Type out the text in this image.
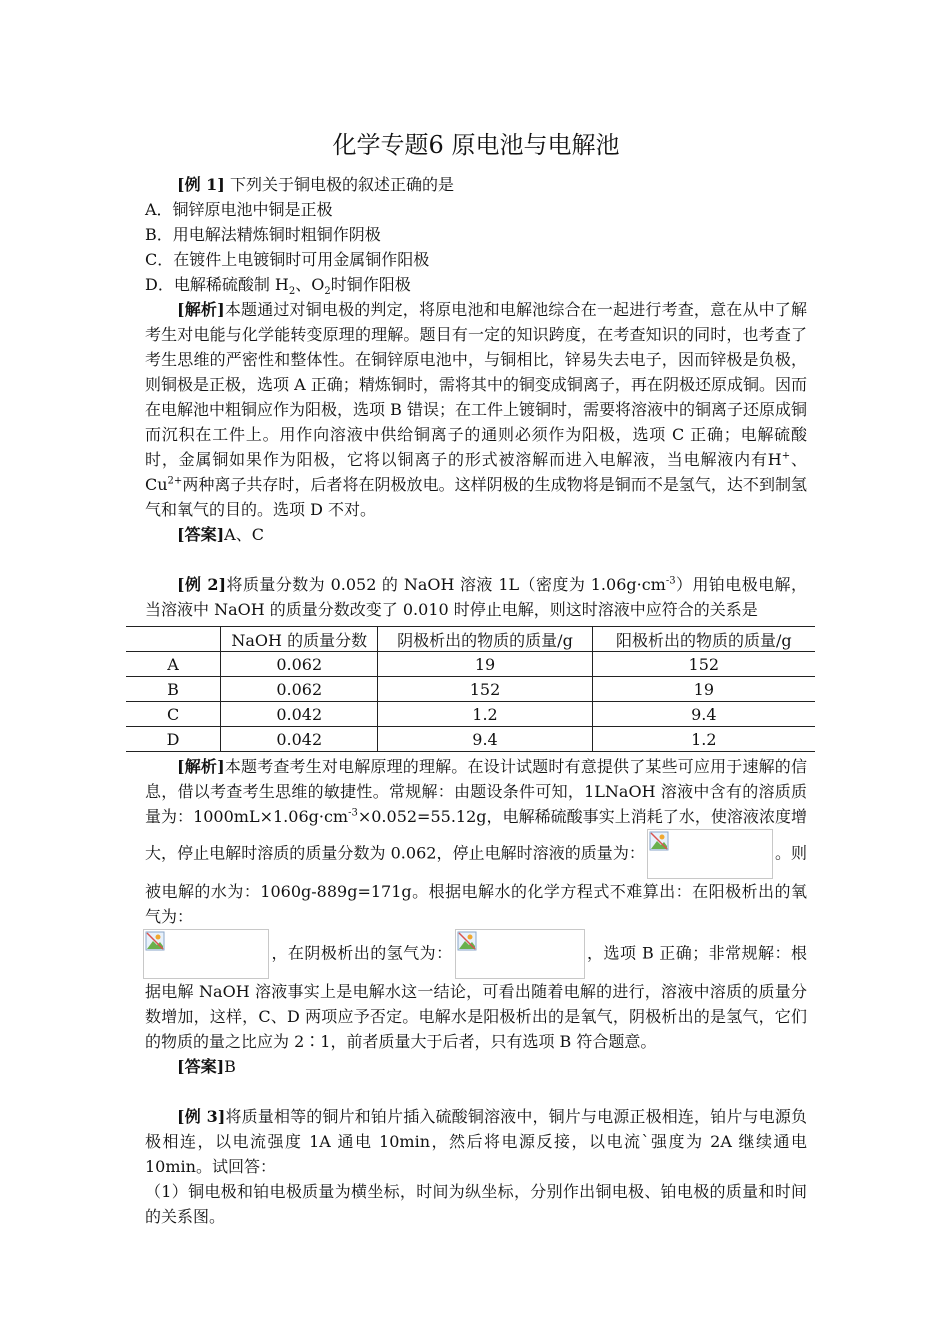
化学专题6 原电池与电解池

[例 1] 下列关于铜电极的叙述正确的是

A．铜锌原电池中铜是正极

B．用电解法精炼铜时粗铜作阴极

C．在镀件上电镀铜时可用金属铜作阳极

D．电解稀硫酸制 $H_2$、$O_2$时铜作阳极

[解析]本题通过对铜电极的判定，将原电池和电解池综合在一起进行考查，意在从中了解考生对电能与化学能转变原理的理解。题目有一定的知识跨度，在考查知识的同时，也考查了考生思维的严密性和整体性。在铜锌原电池中，与铜相比，锌易失去电子，因而锌极是负极，则铜极是正极，选项 A 正确；精炼铜时，需将其中的铜变成铜离子，再在阴极还原成铜。因而在电解池中粗铜应作为阳极，选项 B 错误；在工件上镀铜时，需要将溶液中的铜离子还原成铜而沉积在工件上。用作向溶液中供给铜离子的通则必须作为阳极，选项 C 正确；电解硫酸时，金属铜如果作为阳极，它将以铜离子的形式被溶解而进入电解液，当电解液内有H+、$Cu^{2+}$两种离子共存时，后者将在阴极放电。这样阴极的生成物将是铜而不是氢气，达不到制氢气和氧气的目的。选项 D 不对。

[答案]A、C

[例 2]将质量分数为 0.052 的 NaOH 溶液 1L（密度为 $1.06g\cdot cm^{-3}$）用铂电极电解，当溶液中 NaOH 的质量分数改变了 0.010 时停止电解，则这时溶液中应符合的关系是

	NaOH 的质量分数	阴极析出的物质的质量/g	阳极析出的物质的质量/g
A	0.062	19	152
B	0.062	152	19
C	0.042	1.2	9.4
D	0.042	9.4	1.2

[解析]本题考查考生对电解原理的理解。在设计试题时有意提供了某些可应用于速解的信息，借以考查考生思维的敏捷性。常规解：由题设条件可知，1LNaOH 溶液中含有的溶质质量为：$1000mL\times 1.06g\cdot cm^{-3}\times 0.052=55.12g$，电解稀硫酸事实上消耗了水，使溶液浓度增大，停止电解时溶质的质量分数为 0.062，停止电解时溶液的质量为：	。则被电解的水为：1060g-889g=171g。根据电解水的化学方程式不难算出：在阳极析出的氧气为：

，在阴极析出的氢气为：	，选项 B 正确；非常规解：根据电解 NaOH 溶液事实上是电解水这一结论，可看出随着电解的进行，溶液中溶质的质量分数增加，这样，C、D 两项应予否定。电解水是阳极析出的是氧气，阴极析出的是氢气，它们的物质的量之比应为 2∶1，前者质量大于后者，只有选项 B 符合题意。

[答案]B

[例 3]将质量相等的铜片和铂片插入硫酸铜溶液中，铜片与电源正极相连，铂片与电源负极相连，以电流强度 1A 通电 10min，然后将电源反接，以电流`强度为 2A 继续通电 10min。试回答：

（1）铜电极和铂电极质量为横坐标，时间为纵坐标，分别作出铜电极、铂电极的质量和时间的关系图。
